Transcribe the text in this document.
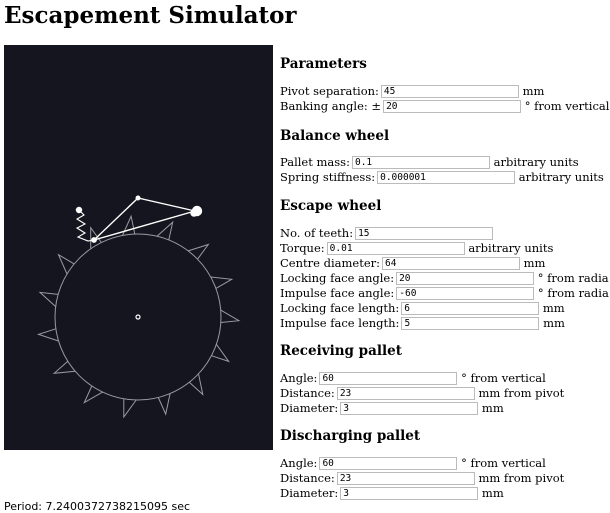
Escapement Simulator
Parameters
Pivot separation:45	mm
Banking angle: ±20	° from vertical
Balance wheel
Pallet mass:0.1	arbitrary units
Spring stiffness:0.000001	arbitrary units
Escape wheel
No. of teeth:15
Torque:0.01	arbitrary units
Centre diameter:64	mm
Locking face angle:20	° from radia
Impulse face angle:-60	° from radia
Locking face length:6	mm
Impulse face length:5	mm
Receiving pallet
Angle:60	° from vertical
Distance:23	mm from pivot
Diameter:3	mm
Discharging pallet
Angle:60	° from vertical
Distance:23	mm from pivot
Diameter:3	mm
Period: 7.2400372738215095 sec
